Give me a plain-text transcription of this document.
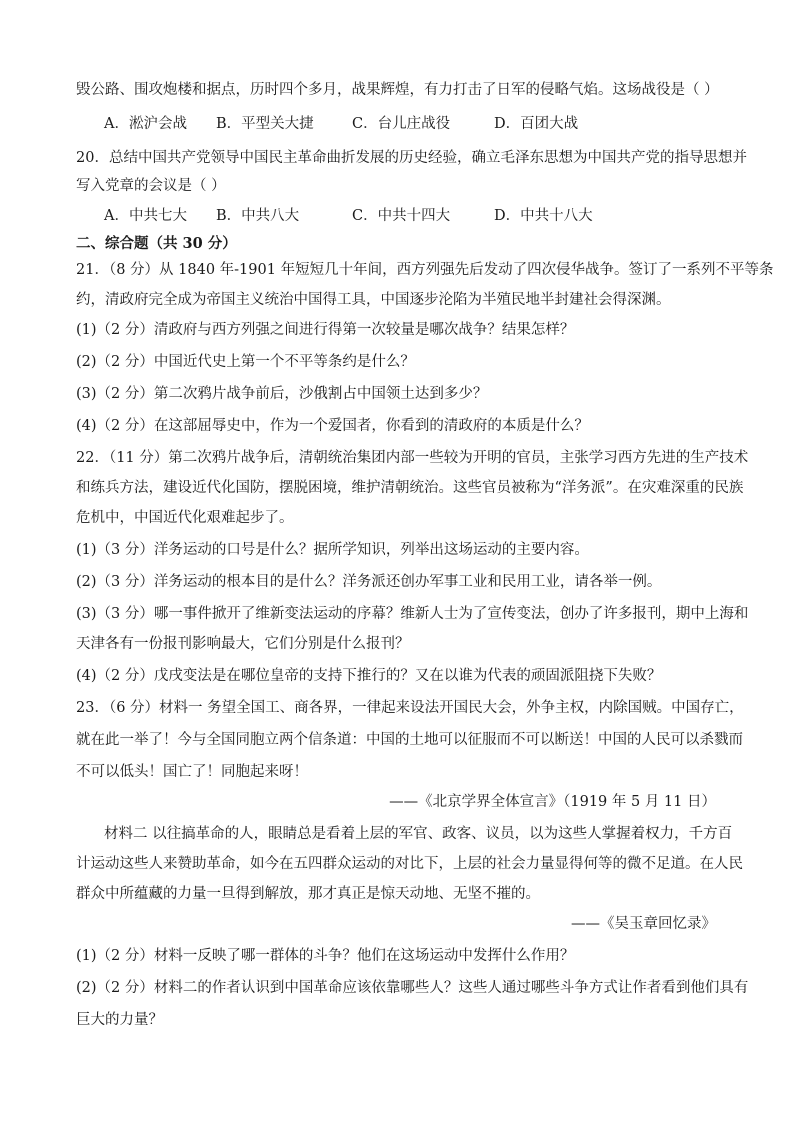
毁公路、围攻炮楼和据点，历时四个多月，战果辉煌，有力打击了日军的侵略气焰。这场战役是（ ）
A．淞沪会战 B．平型关大捷	C．台儿庄战役	D．百团大战
20．总结中国共产党领导中国民主革命曲折发展的历史经验，确立毛泽东思想为中国共产党的指导思想并
写入党章的会议是（ ）
A．中共七大 B．中共八大	C．中共十四大	D．中共十八大
二、综合题（共 30 分）
21．（8 分）从 1840 年-1901 年短短几十年间，西方列强先后发动了四次侵华战争。签订了一系列不平等条
约，清政府完全成为帝国主义统治中国得工具，中国逐步沦陷为半殖民地半封建社会得深渊。
(1)（2 分）清政府与西方列强之间进行得第一次较量是哪次战争？结果怎样？
(2)（2 分）中国近代史上第一个不平等条约是什么？
(3)（2 分）第二次鸦片战争前后，沙俄割占中国领土达到多少？
(4)（2 分）在这部屈辱史中，作为一个爱国者，你看到的清政府的本质是什么？
22．（11 分）第二次鸦片战争后，清朝统治集团内部一些较为开明的官员，主张学习西方先进的生产技术
和练兵方法，建设近代化国防，摆脱困境，维护清朝统治。这些官员被称为“洋务派”。在灾难深重的民族
危机中，中国近代化艰难起步了。
(1)（3 分）洋务运动的口号是什么？据所学知识，列举出这场运动的主要内容。
(2)（3 分）洋务运动的根本目的是什么？洋务派还创办军事工业和民用工业，请各举一例。
(3)（3 分）哪一事件掀开了维新变法运动的序幕？维新人士为了宣传变法，创办了许多报刊，期中上海和
天津各有一份报刊影响最大，它们分别是什么报刊？
(4)（2 分）戊戌变法是在哪位皇帝的支持下推行的？又在以谁为代表的顽固派阻挠下失败？
23．（6 分）材料一 务望全国工、商各界，一律起来设法开国民大会，外争主权，内除国贼。中国存亡，
就在此一举了！今与全国同胞立两个信条道：中国的土地可以征服而不可以断送！中国的人民可以杀戮而
不可以低头！国亡了！同胞起来呀！
——《北京学界全体宣言》（1919 年 5 月 11 日）
材料二 以往搞革命的人，眼睛总是看着上层的军官、政客、议员，以为这些人掌握着权力，千方百
计运动这些人来赞助革命，如今在五四群众运动的对比下，上层的社会力量显得何等的微不足道。在人民
群众中所蕴藏的力量一旦得到解放，那才真正是惊天动地、无坚不摧的。
——《吴玉章回忆录》
(1)（2 分）材料一反映了哪一群体的斗争？他们在这场运动中发挥什么作用？
(2)（2 分）材料二的作者认识到中国革命应该依靠哪些人？这些人通过哪些斗争方式让作者看到他们具有
巨大的力量？
